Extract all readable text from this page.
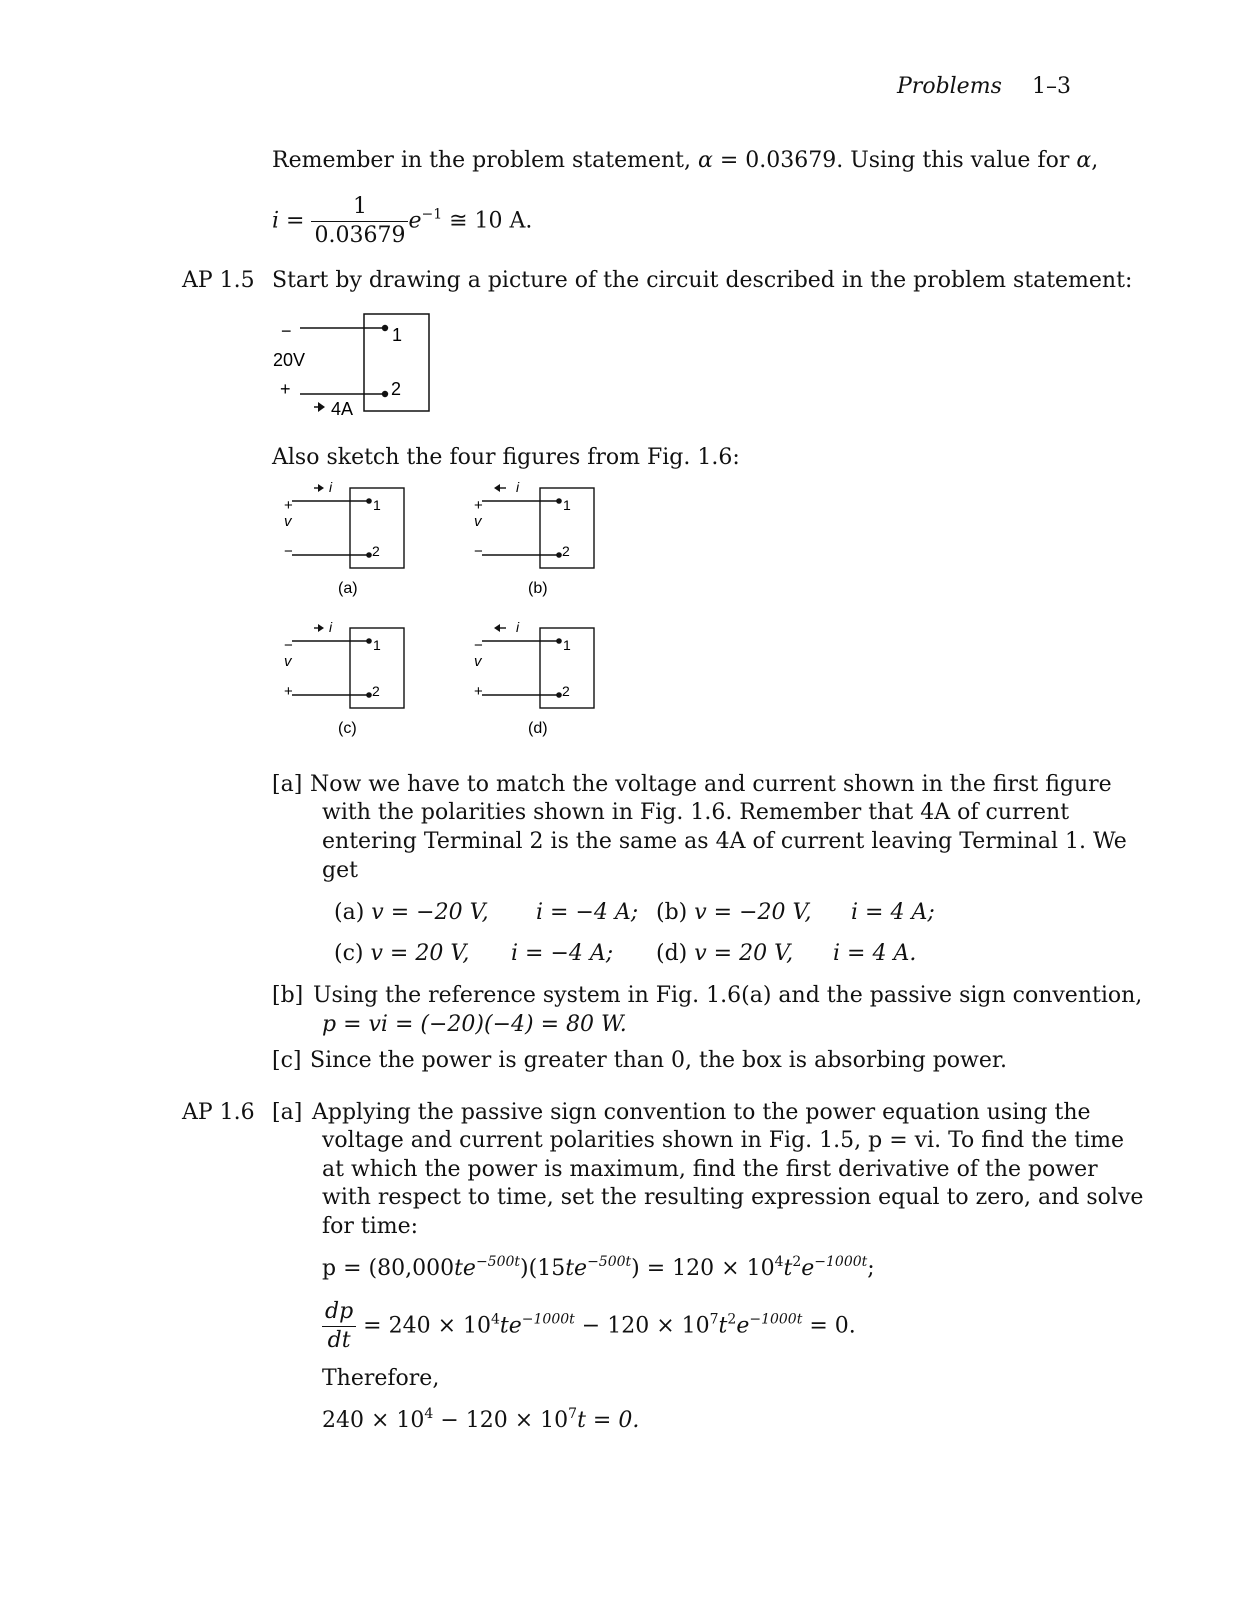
Problems 1–3
Remember in the problem statement, α = 0.03679. Using this value for α,
$i = \frac{1}{0.03679} e^{-1}$ ≅ 10 A.
AP 1.5 Start by drawing a picture of the circuit described in the problem statement:
1
2
−
20V
+
4A
Also sketch the four figures from Fig. 1.6:
1
2
+
v
−
i
(a)
1
2
+
v
−
i
(b)
1
2
−
v
+
i
(c)
1
2
−
v
+
i
(d)
[a] Now we have to match the voltage and current shown in the first figure
with the polarities shown in Fig. 1.6. Remember that 4A of current
entering Terminal 2 is the same as 4A of current leaving Terminal 1. We
get
(a) v = −20 V, i = −4 A; (b) v = −20 V, i = 4 A;
(c) v = 20 V, i = −4 A; (d) v = 20 V, i = 4 A.
[b] Using the reference system in Fig. 1.6(a) and the passive sign convention,
p = vi = (−20)(−4) = 80 W.
[c] Since the power is greater than 0, the box is absorbing power.
AP 1.6 [a] Applying the passive sign convention to the power equation using the
voltage and current polarities shown in Fig. 1.5, p = vi. To find the time
at which the power is maximum, find the first derivative of the power
with respect to time, set the resulting expression equal to zero, and solve
for time:
$p = (80,000te^{-500t})(15te^{-500t}) = 120 \times 10^4t^2e^{-1000t}$;
$\frac{dp}{dt} = 240 \times 10^4te^{-1000t} - 120 \times 10^7t^2e^{-1000t} = 0$.
Therefore,
$240 \times 10^4 - 120 \times 10^7t = 0$.
